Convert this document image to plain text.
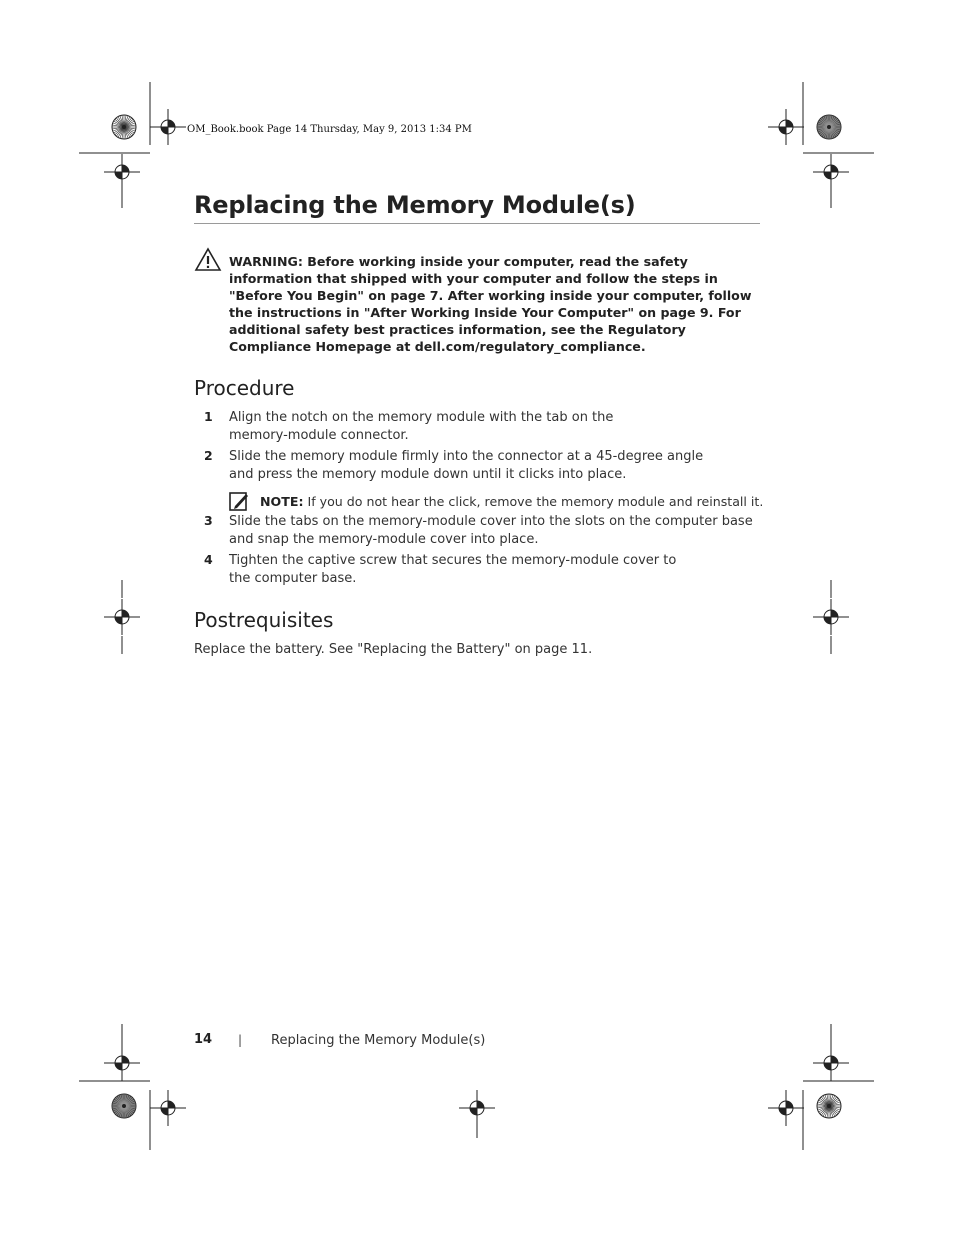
OM_Book.book Page 14 Thursday, May 9, 2013 1:34 PM
Replacing the Memory Module(s)
WARNING: Before working inside your computer, read the safety information that shipped with your computer and follow the steps in "Before You Begin" on page 7. After working inside your computer, follow the instructions in "After Working Inside Your Computer" on page 9. For additional safety best practices information, see the Regulatory Compliance Homepage at dell.com/regulatory_compliance.
Procedure
1 Align the notch on the memory module with the tab on the
memory-module connector.
2 Slide the memory module firmly into the connector at a 45-degree angle
and press the memory module down until it clicks into place.
NOTE: If you do not hear the click, remove the memory module and reinstall it.
3 Slide the tabs on the memory-module cover into the slots on the computer base
and snap the memory-module cover into place.
4 Tighten the captive screw that secures the memory-module cover to
the computer base.
Postrequisites
Replace the battery. See "Replacing the Battery" on page 11.
14 | Replacing the Memory Module(s)
